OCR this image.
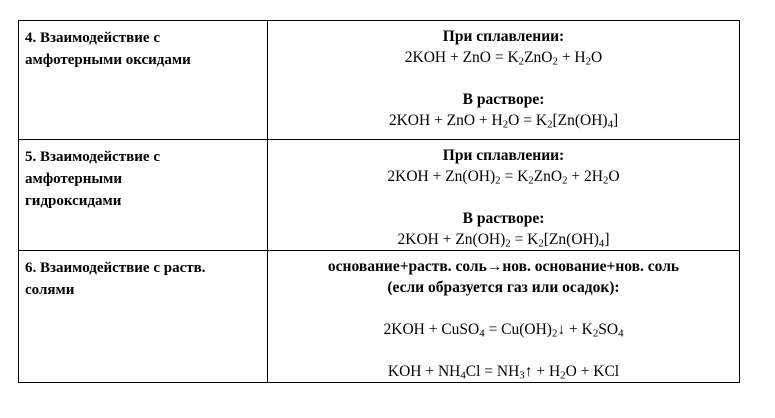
4. Взаимодействие с
амфотерными оксидами	При сплавлении:
2KOH + ZnO = $K_2ZnO_2 + H_2O$
В растворе:
2KOH + ZnO + $H_2O = K_2[Zn(OH)_4]$

5. Взаимодействие с
амфотерными
гидроксидами	При сплавлении:
$2KOH + Zn(OH)_2 = K_2ZnO_2 + 2H_2O$
В растворе:
$2KOH + Zn(OH)_2 = K_2[Zn(OH)_4]$

6. Взаимодействие с раств.
солями	основание+раств. соль→нов. основание+нов. соль
(если образуется газ или осадок):
2KOH + CuSO$_4$ = $Cu(OH)_2↓ + K_2SO_4$
KOH + $NH_4Cl$ = $NH_3↑ + H_2O$ + KCl
